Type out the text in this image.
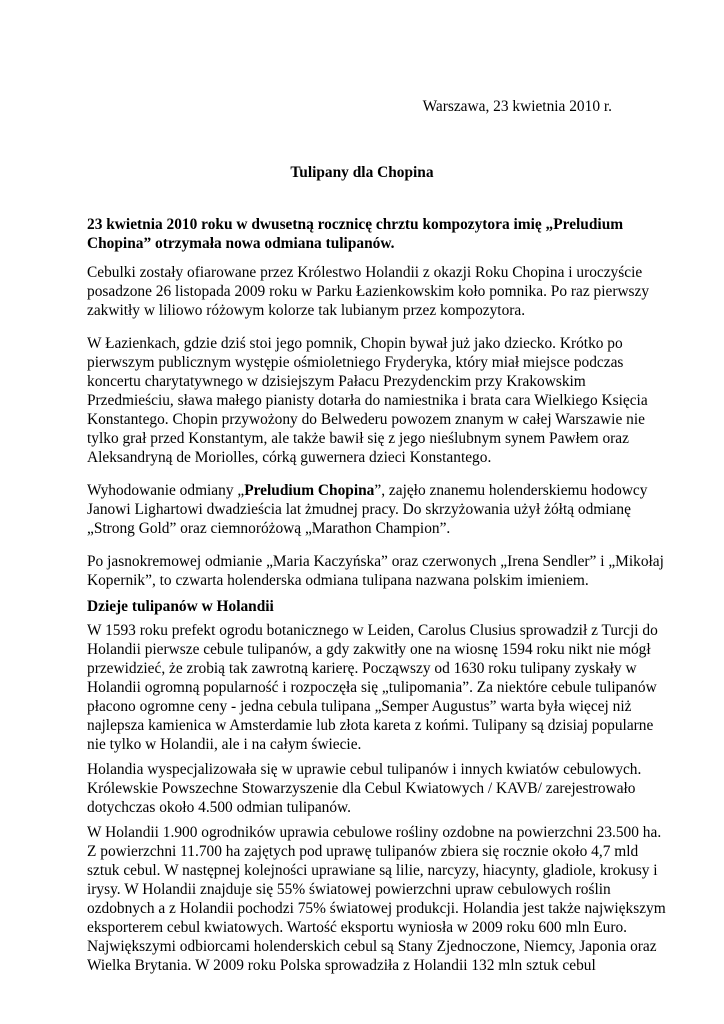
Warszawa, 23 kwietnia 2010 r.
Tulipany dla Chopina
23 kwietnia 2010 roku w dwusetną rocznicę chrztu kompozytora imię „Preludium
Chopina” otrzymała nowa odmiana tulipanów.

Cebulki zostały ofiarowane przez Królestwo Holandii z okazji Roku Chopina i uroczyście
posadzone 26 listopada 2009 roku w Parku Łazienkowskim koło pomnika. Po raz pierwszy
zakwitły w liliowo różowym kolorze tak lubianym przez kompozytora.

W Łazienkach, gdzie dziś stoi jego pomnik, Chopin bywał już jako dziecko. Krótko po
pierwszym publicznym występie ośmioletniego Fryderyka, który miał miejsce podczas
koncertu charytatywnego w dzisiejszym Pałacu Prezydenckim przy Krakowskim
Przedmieściu, sława małego pianisty dotarła do namiestnika i brata cara Wielkiego Księcia
Konstantego. Chopin przywożony do Belwederu powozem znanym w całej Warszawie nie
tylko grał przed Konstantym, ale także bawił się z jego nieślubnym synem Pawłem oraz
Aleksandryną de Moriolles, córką guwernera dzieci Konstantego.

Wyhodowanie odmiany „Preludium Chopina”, zajęło znanemu holenderskiemu hodowcy
Janowi Lighartowi dwadzieścia lat żmudnej pracy. Do skrzyżowania użył żółtą odmianę
„Strong Gold” oraz ciemnoróżową „Marathon Champion”.

Po jasnokremowej odmianie „Maria Kaczyńska” oraz czerwonych „Irena Sendler” i „Mikołaj
Kopernik”, to czwarta holenderska odmiana tulipana nazwana polskim imieniem.

Dzieje tulipanów w Holandii

W 1593 roku prefekt ogrodu botanicznego w Leiden, Carolus Clusius sprowadził z Turcji do
Holandii pierwsze cebule tulipanów, a gdy zakwitły one na wiosnę 1594 roku nikt nie mógł
przewidzieć, że zrobią tak zawrotną karierę. Począwszy od 1630 roku tulipany zyskały w
Holandii ogromną popularność i rozpoczęła się „tulipomania”. Za niektóre cebule tulipanów
płacono ogromne ceny - jedna cebula tulipana „Semper Augustus” warta była więcej niż
najlepsza kamienica w Amsterdamie lub złota kareta z końmi. Tulipany są dzisiaj popularne
nie tylko w Holandii, ale i na całym świecie.

Holandia wyspecjalizowała się w uprawie cebul tulipanów i innych kwiatów cebulowych.
Królewskie Powszechne Stowarzyszenie dla Cebul Kwiatowych / KAVB/ zarejestrowało
dotychczas około 4.500 odmian tulipanów.

W Holandii 1.900 ogrodników uprawia cebulowe rośliny ozdobne na powierzchni 23.500 ha.
Z powierzchni 11.700 ha zajętych pod uprawę tulipanów zbiera się rocznie około 4,7 mld
sztuk cebul. W następnej kolejności uprawiane są lilie, narcyzy, hiacynty, gladiole, krokusy i
irysy. W Holandii znajduje się 55% światowej powierzchni upraw cebulowych roślin
ozdobnych a z Holandii pochodzi 75% światowej produkcji. Holandia jest także największym
eksporterem cebul kwiatowych. Wartość eksportu wyniosła w 2009 roku 600 mln Euro.
Największymi odbiorcami holenderskich cebul są Stany Zjednoczone, Niemcy, Japonia oraz
Wielka Brytania. W 2009 roku Polska sprowadziła z Holandii 132 mln sztuk cebul
